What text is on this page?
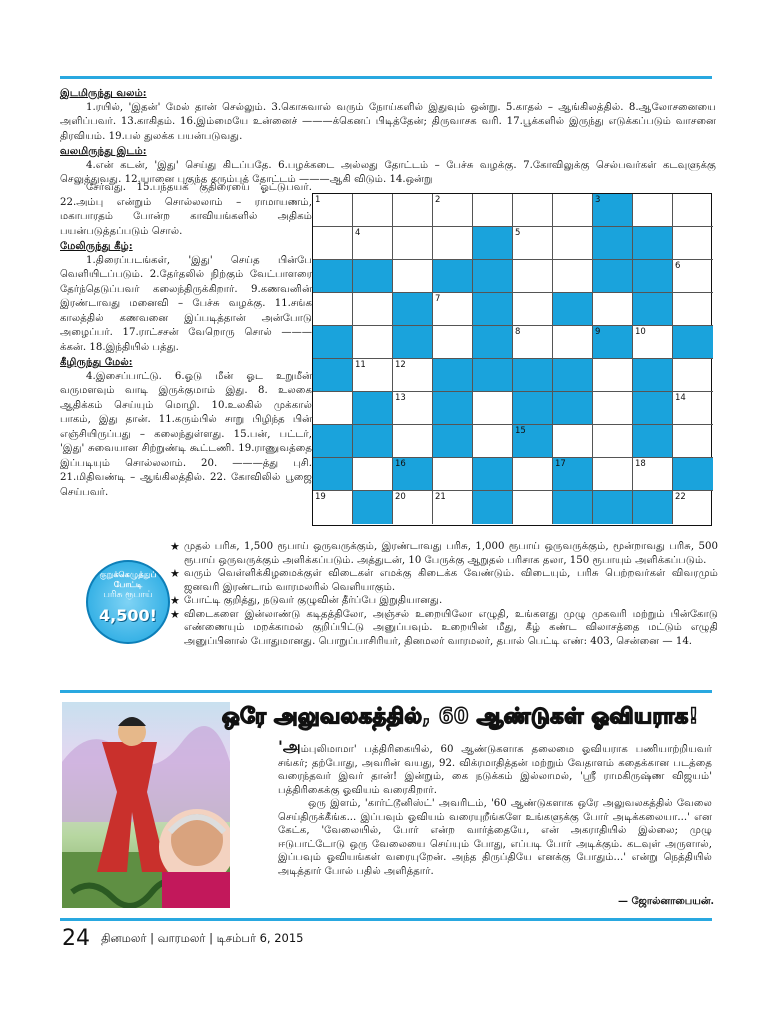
இடமிருந்து வலம்:
1.ரயில், 'இதன்' மேல் தான் செல்லும். 3.கொசுவால் வரும் நோய்களில் இதுவும் ஒன்று. 5.காதல் – ஆங்கிலத்தில். 8.ஆலோசனையை அளிப்பவர். 13.காகிதம். 16.இம்மையே உன்னைச் ———க்கெனப் பிடித்தேன்; திருவாசக வரி. 17.பூக்களில் இருந்து எடுக்கப்படும் வாசனை திரவியம். 19.பல் துலக்க பயன்படுவது.
வலமிருந்து இடம்:
4.என் கடன், 'இது' செய்து கிடப்பதே. 6.பழக்கடை அல்லது தோட்டம் – பேச்சு வழக்கு. 7.கோவிலுக்கு செல்பவர்கள் கடவுளுக்கு செலுத்துவது. 12.யானை புகுந்த கரும்புத் தோட்டம் ———ஆகி விடும். 14.ஒன்று

சேர்வது. 15.பந்தயக் குதிரையை ஓட்டுபவர். 22.அம்பு என்றும் சொல்லலாம் – ராமாயணம், மகாபாரதம் போன்ற காவியங்களில் அதிகம் பயன்படுத்தப்படும் சொல்.

மேலிருந்து கீழ்:

1.திரைப்படங்கள், 'இது' செய்த பின்பே வெளியிடப்படும். 2.தேர்தலில் நிற்கும் வேட்பாளரை தேர்ந்தெடுப்பவர் கலைந்திருக்கிறார். 9.கணவனின் இரண்டாவது மனைவி – பேச்சு வழக்கு. 11.சங்க காலத்தில் கணவனை இப்படித்தான் அன்போடு அழைப்பர். 17.ராட்சசன் வேறொரு சொல் ———க்கன். 18.இந்தியில் பத்து.

கீழிருந்து மேல்:

4.இசைப்பாட்டு. 6.ஓடு மீன் ஓட உறுமீன் வருமளவும் வாடி இருக்குமாம் இது. 8. உலகை ஆதிக்கம் செய்யும் மொழி. 10.உலகில் முக்கால் பாகம், இது தான். 11.கரும்பில் சாறு பிழிந்த பின் எஞ்சியிருப்பது – கலைந்துள்ளது. 15.பன், பட்டர், 'இது' சுவையான சிற்றுண்டி கூட்டணி. 19.ராணுவத்தை இப்படியும் சொல்லலாம். 20. ———த்து புசி. 21.மிதிவண்டி – ஆங்கிலத்தில். 22. கோவிலில் பூஜை செய்பவர்.

1	2	3
4	5
6
7
8	9	10
11	12
13	14
15
16	17	18
19	20	21	22
குறுக்கெழுத்துப் போட்டி
பரிசு ரூபாய்
4,500!
★ முதல் பரிசு, 1,500 ரூபாய் ஒருவருக்கும், இரண்டாவது பரிசு, 1,000 ரூபாய் ஒருவருக்கும், மூன்றாவது பரிசு, 500 ரூபாய் ஒருவருக்கும் அளிக்கப்படும். அத்துடன், 10 பேருக்கு ஆறுதல் பரிசாக தலா, 150 ரூபாயும் அளிக்கப்படும்.
★ வரும் வெள்ளிக்கிழமைக்குள் விடைகள் எமக்கு கிடைக்க வேண்டும். விடையும், பரிசு பெற்றவர்கள் விவரமும் ஜனவரி இரண்டாம் வாரமலரில் வெளியாகும்.
★ போட்டி குறித்து, நடுவர் குழுவின் தீர்ப்பே இறுதியானது.
★ விடைகளை இன்லாண்டு கடிதத்திலோ, அஞ்சல் உறையிலோ எழுதி, உங்களது முழு முகவரி மற்றும் பின்கோடு எண்ணையும் மறக்காமல் குறிப்பிட்டு அனுப்பவும். உறையின் மீது, கீழ் கண்ட விலாசத்தை மட்டும் எழுதி அனுப்பினால் போதுமானது. பொறுப்பாசிரியர், தினமலர் வாரமலர், தபால் பெட்டி எண்: 403, சென்னை — 14.
ஒரே அலுவலகத்தில், 60 ஆண்டுகள் ஓவியராக!

'அம்புலிமாமா' பத்திரிகையில், 60 ஆண்டுகளாக தலைமை ஓவியராக பணியாற்றியவர் சங்கர்; தற்போது, அவரின் வயது, 92. விக்ரமாதித்தன் மற்றும் வேதாளம் கதைக்கான படத்தை வரைந்தவர் இவர் தான்! இன்றும், கை நடுக்கம் இல்லாமல், 'ஸ்ரீ ராமகிருஷ்ண விஜயம்' பத்திரிகைக்கு ஓவியம் வரைகிறார்.

ஒரு இளம், 'கார்ட்டூனிஸ்ட்' அவரிடம், '60 ஆண்டுகளாக ஒரே அலுவலகத்தில் வேலை செய்திருக்கீங்க... இப்பவும் ஓவியம் வரையுறீங்களே உங்களுக்கு போர் அடிக்கலையா...' என கேட்க, 'வேலையில், போர் என்ற வார்த்தையே, என் அகராதியில் இல்லை; முழு ஈடுபாட்டோடு ஒரு வேலையை செய்யும் போது, எப்படி போர் அடிக்கும். கடவுள் அருளால், இப்பவும் ஓவியங்கள் வரையுறேன். அந்த திருப்தியே எனக்கு போதும்...' என்று நெத்தியில் அடித்தார் போல் பதில் அளித்தார்.

— ஜோல்னாபையன்.
24 தினமலர் | வாரமலர் | டிசம்பர் 6, 2015
